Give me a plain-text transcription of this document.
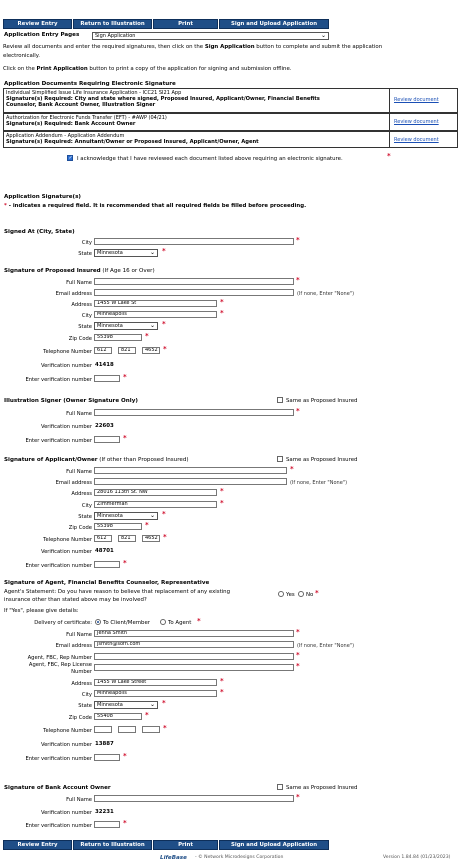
Review Entry	Return to Illustration	Print	Sign and Upload Application
Application Entry Pages	Sign Application	⌄
Review all documents and enter the required signatures, then click on the Sign Application button to complete and submit the application
electronically.
Click on the Print Application button to print a copy of the application for signing and submission offline.
Application Documents Requiring Electronic Signature
Individual Simplified Issue Life Insurance Application - ICC21 SI21 App
Signature(s) Required: City and state where signed, Proposed Insured, Applicant/Owner, Financial Benefits
Counselor, Bank Account Owner, Illustration Signer
Review document
Authorization for Electronic Funds Transfer (EFT) - #AWP (04/21)
Signature(s) Required: Bank Account Owner	Review document
Application Addendum - Application Addendum
Signature(s) Required: Annuitant/Owner or Proposed Insured, Applicant/Owner, Agent	Review document
✓
I acknowledge that I have reviewed each document listed above requiring an electronic signature.	*
Application Signature(s)
* - indicates a required field. It is recommended that all required fields be filled before proceeding.
Signed At (City, State)
City	*
State Minnesota	⌄ *
Signature of Proposed Insured (If Age 16 or Over)
Full Name	*
Email address	(If none, Enter "None")
Address	1455 W Lake St	*
City	Minneapolis	*
State Minnesota	⌄ *
Zip Code	55398	*
Telephone Number	612	821	4652 *
Verification number 41418
Enter verification number	*
Illustration Signer (Owner Signature Only)	Same as Proposed Insured
Full Name	*
Verification number 22603
Enter verification number	*
Signature of Applicant/Owner (If other than Proposed Insured)	Same as Proposed Insured
Full Name	*
Email address	(If none, Enter "None")
Address	28016 113th St. NW	*
City	Zimmerman	*
State Minnesota	⌄ *
Zip Code	55398	*
Telephone Number	612	821	4652 *
Verification number 48701
Enter verification number	*
Signature of Agent, Financial Benefits Counselor, Representative
Agent's Statement: Do you have reason to believe that replacement of any existing
insurance other than stated above may be involved?
Yes No *
If "Yes", please give details:
Delivery of certificate: To Client/Member	To Agent *
Full Name	Jenna Smith	*
Email address	jsmith@sofn.com	(If none, Enter "None")
Agent, FBC, Rep Number	*
Agent, FBC, Rep License
Number
*
Address	1455 W Lake Street	*
City	Minneapolis	*
State Minnesota	⌄ *
Zip Code	55408	*
Telephone Number	*
Verification number 13887
Enter verification number	*
Signature of Bank Account Owner	Same as Proposed Insured
Full Name	*
Verification number 32231
Enter verification number	*
Review Entry	Return to Illustration	Print	Sign and Upload Application
LifeBase - © Network Microdesigns Corporation	Version 1.84.84 (01/23/2023)
